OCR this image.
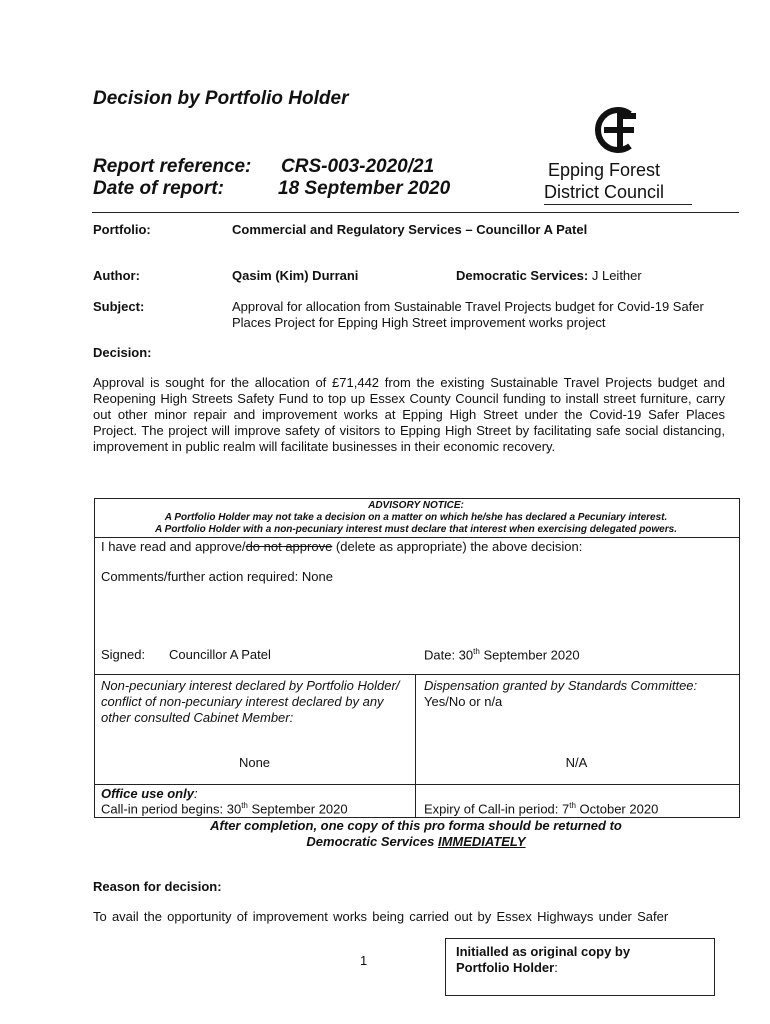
Decision by Portfolio Holder
Report reference: CRS-003-2020/21
Date of report:	18 September 2020
Epping Forest
District Council
Portfolio:	Commercial and Regulatory Services – Councillor A Patel
Author:	Qasim (Kim) Durrani	Democratic Services: J Leither
Subject:	Approval for allocation from Sustainable Travel Projects budget for Covid-19 Safer Places Project for Epping High Street improvement works project
Decision:
Approval is sought for the allocation of £71,442 from the existing Sustainable Travel Projects budget and Reopening High Streets Safety Fund to top up Essex County Council funding to install street furniture, carry out other minor repair and improvement works at Epping High Street under the Covid-19 Safer Places Project. The project will improve safety of visitors to Epping High Street by facilitating safe social distancing, improvement in public realm will facilitate businesses in their economic recovery.
ADVISORY NOTICE:
A Portfolio Holder may not take a decision on a matter on which he/she has declared a Pecuniary interest.
A Portfolio Holder with a non-pecuniary interest must declare that interest when exercising delegated powers.
I have read and approve/do not approve (delete as appropriate) the above decision:
Comments/further action required: None
Signed: Councillor A Patel	Date: 30th September 2020
Non-pecuniary interest declared by Portfolio Holder/ conflict of non-pecuniary interest declared by any other consulted Cabinet Member:
None
Dispensation granted by Standards Committee:
Yes/No or n/a
N/A
Office use only:
Call-in period begins: 30th September 2020	Expiry of Call-in period: 7th October 2020
After completion, one copy of this pro forma should be returned to
Democratic Services IMMEDIATELY
Reason for decision:
To avail the opportunity of improvement works being carried out by Essex Highways under Safer
1
Initialled as original copy by
Portfolio Holder:
